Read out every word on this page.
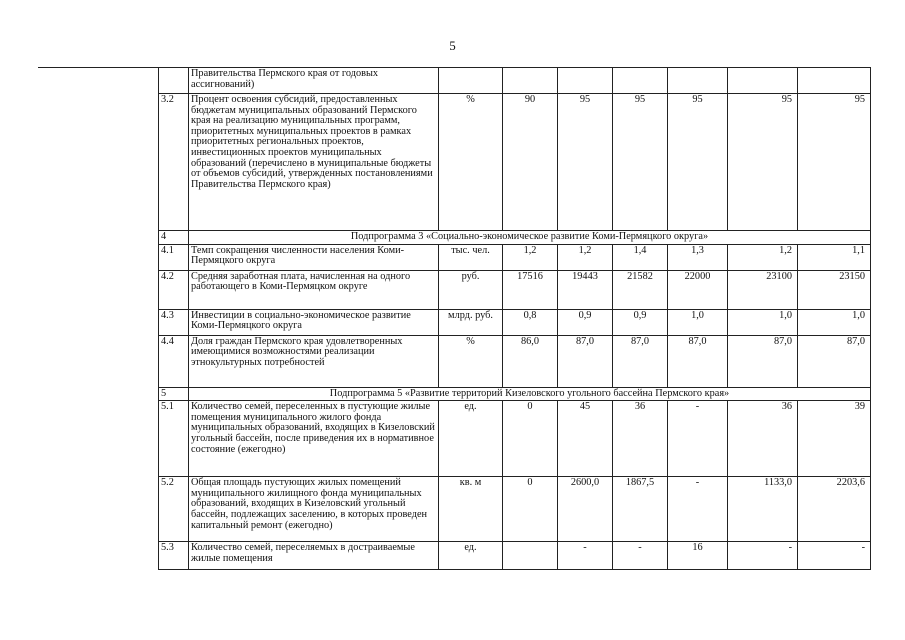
5
	Правительства Пермского края от годовых ассигнований)							
3.2	Процент освоения субсидий, предоставленных бюджетам муниципальных образований Пермского края на реализацию муниципальных программ, приоритетных муниципальных проектов в рамках приоритетных региональных проектов, инвестиционных проектов муниципальных образований (перечислено в муниципальные бюджеты от объемов субсидий, утвержденных постановлениями Правительства Пермского края)	%	90	95	95	95	95	95
4	Подпрограмма 3 «Социально-экономическое развитие Коми-Пермяцкого округа»							
4.1	Темп сокращения численности населения Коми-Пермяцкого округа	тыс. чел.	1,2	1,2	1,4	1,3	1,2	1,1
4.2	Средняя заработная плата, начисленная на одного работающего в Коми-Пермяцком округе	руб.	17516	19443	21582	22000	23100	23150
4.3	Инвестиции в социально-экономическое развитие Коми-Пермяцкого округа	млрд. руб.	0,8	0,9	0,9	1,0	1,0	1,0
4.4	Доля граждан Пермского края удовлетворенных имеющимися возможностями реализации этнокультурных потребностей	%	86,0	87,0	87,0	87,0	87,0	87,0
5	Подпрограмма 5 «Развитие территорий Кизеловского угольного бассейна Пермского края»							
5.1	Количество семей, переселенных в пустующие жилые помещения муниципального жилого фонда муниципальных образований, входящих в Кизеловский угольный бассейн, после приведения их в нормативное состояние (ежегодно)	ед.	0	45	36	-	36	39
5.2	Общая площадь пустующих жилых помещений муниципального жилищного фонда муниципальных образований, входящих в Кизеловский угольный бассейн, подлежащих заселению, в которых проведен капитальный ремонт (ежегодно)	кв. м	0	2600,0	1867,5	-	1133,0	2203,6
5.3	Количество семей, переселяемых в достраиваемые жилые помещения	ед.		-	-	16	-	-
